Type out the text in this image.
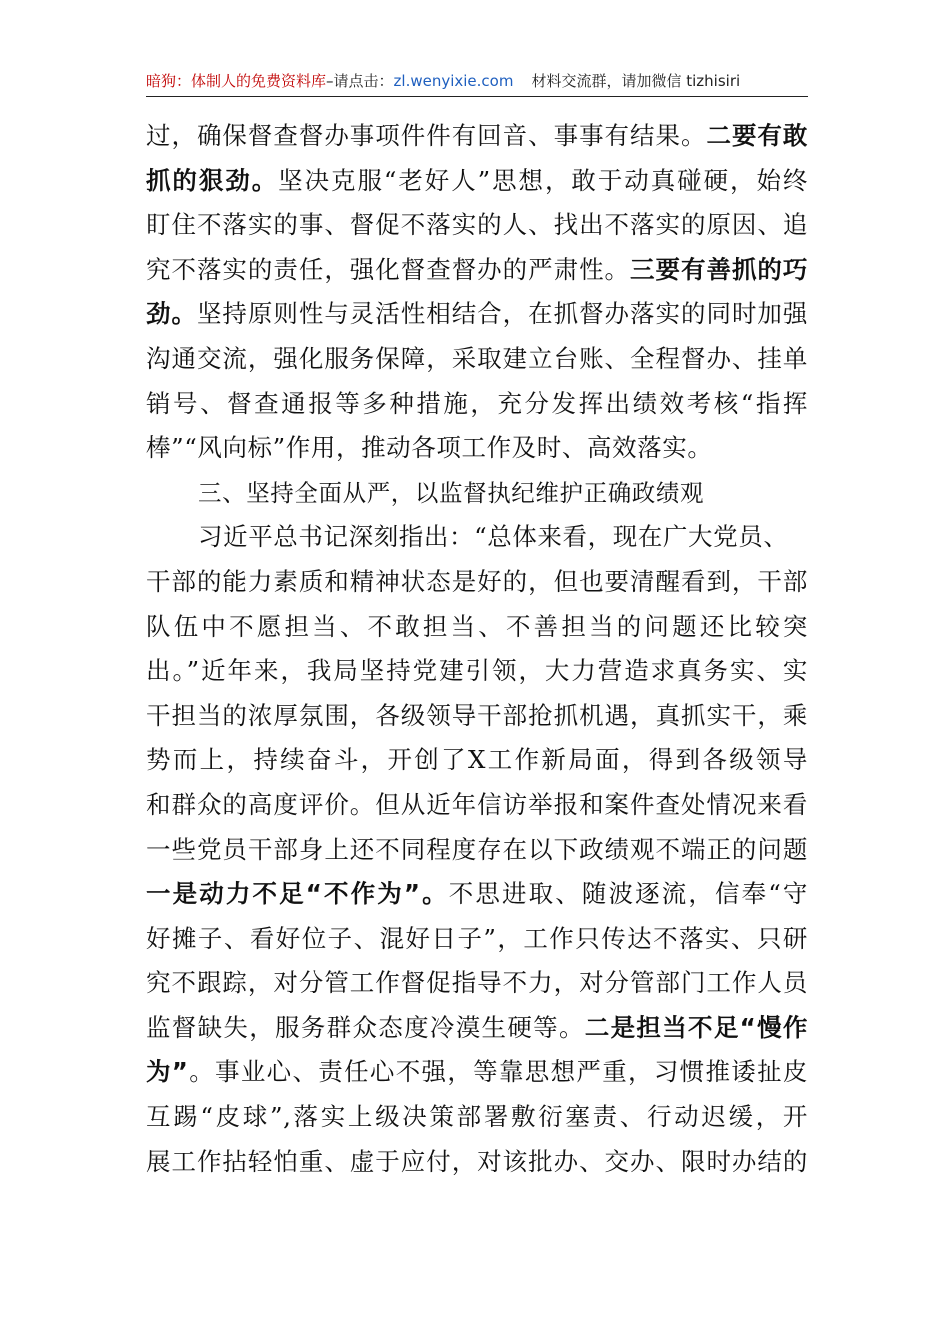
暗狗：体制人的免费资料库–请点击：zl.wenyixie.com 材料交流群，请加微信 tizhisiri
过，确保督查督办事项件件有回音、事事有结果。二要有敢
抓的狠劲。坚决克服“老好人”思想，敢于动真碰硬，始终
盯住不落实的事、督促不落实的人、找出不落实的原因、追
究不落实的责任，强化督查督办的严肃性。三要有善抓的巧
劲。坚持原则性与灵活性相结合，在抓督办落实的同时加强
沟通交流，强化服务保障，采取建立台账、全程督办、挂单
销号、督查通报等多种措施，充分发挥出绩效考核“指挥
棒”“风向标”作用，推动各项工作及时、高效落实。
三、坚持全面从严，以监督执纪维护正确政绩观
习近平总书记深刻指出：“总体来看，现在广大党员、
干部的能力素质和精神状态是好的，但也要清醒看到，干部
队伍中不愿担当、不敢担当、不善担当的问题还比较突
出。”近年来，我局坚持党建引领，大力营造求真务实、实
干担当的浓厚氛围，各级领导干部抢抓机遇，真抓实干，乘
势而上，持续奋斗，开创了X工作新局面，得到各级领导
和群众的高度评价。但从近年信访举报和案件查处情况来看
一些党员干部身上还不同程度存在以下政绩观不端正的问题
一是动力不足“不作为”。不思进取、随波逐流，信奉“守
好摊子、看好位子、混好日子”，工作只传达不落实、只研
究不跟踪，对分管工作督促指导不力，对分管部门工作人员
监督缺失，服务群众态度冷漠生硬等。二是担当不足“慢作
为”。事业心、责任心不强，等靠思想严重，习惯推诿扯皮
互踢“皮球”,落实上级决策部署敷衍塞责、行动迟缓，开
展工作拈轻怕重、虚于应付，对该批办、交办、限时办结的
